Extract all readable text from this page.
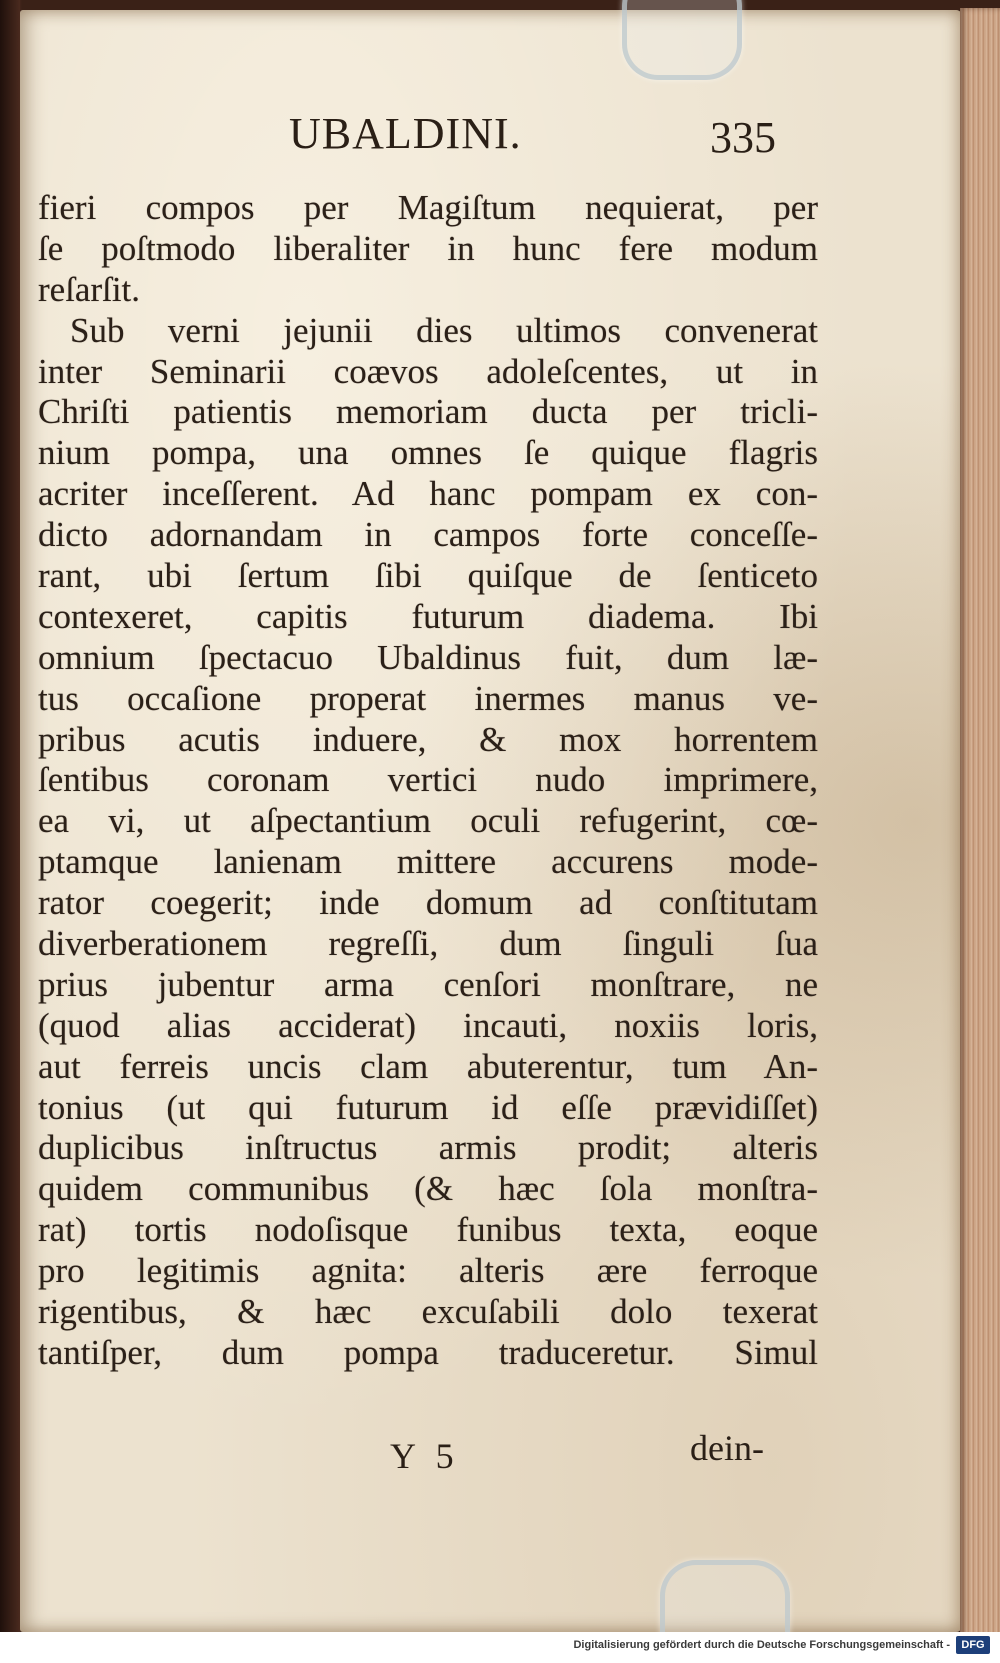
UBALDINI.	335
fieri compos per Magiſtum nequierat, per
ſe poſtmodo liberaliter in hunc fere modum
reſarſit.
Sub verni jejunii dies ultimos convenerat
inter Seminarii coævos adoleſcentes, ut in
Chriſti patientis memoriam ducta per tricli-
nium pompa, una omnes ſe quique flagris
acriter inceſſerent. Ad hanc pompam ex con-
dicto adornandam in campos forte conceſſe-
rant, ubi ſertum ſibi quiſque de ſenticeto
contexeret, capitis futurum diadema. Ibi
omnium ſpectacuo Ubaldinus fuit, dum læ-
tus occaſione properat inermes manus ve-
pribus acutis induere, & mox horrentem
ſentibus coronam vertici nudo imprimere,
ea vi, ut aſpectantium oculi refugerint, cœ-
ptamque lanienam mittere accurens mode-
rator coegerit; inde domum ad conſtitutam
diverberationem regreſſi, dum ſinguli ſua
prius jubentur arma cenſori monſtrare, ne
(quod alias acciderat) incauti, noxiis loris,
aut ferreis uncis clam abuterentur, tum An-
tonius (ut qui futurum id eſſe prævidiſſet)
duplicibus inſtructus armis prodit; alteris
quidem communibus (& hæc ſola monſtra-
rat) tortis nodoſisque funibus texta, eoque
pro legitimis agnita: alteris ære ferroque
rigentibus, & hæc excuſabili dolo texerat
tantiſper, dum pompa traduceretur. Simul
Y 5	dein-
Digitalisierung gefördert durch die Deutsche Forschungsgemeinschaft -	DFG
